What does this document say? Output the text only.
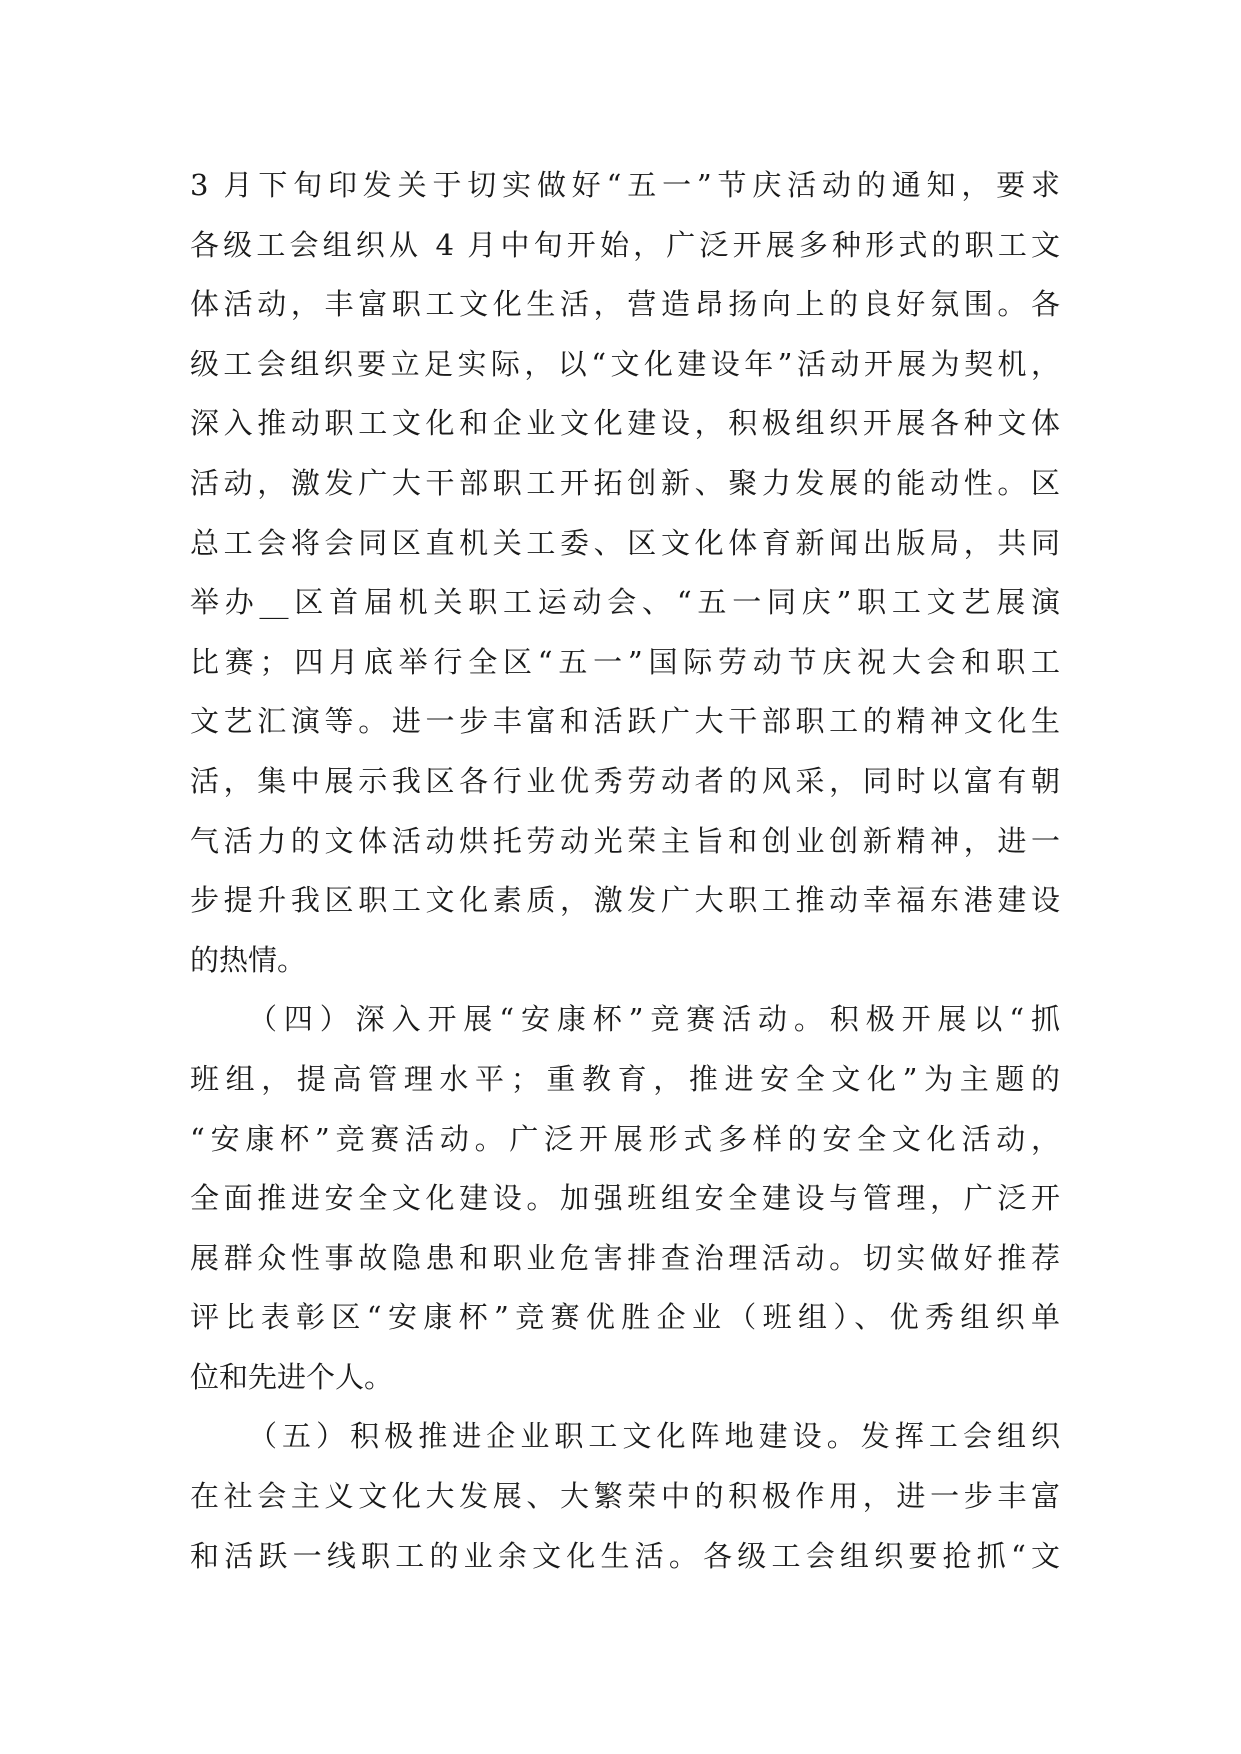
3 月下旬印发关于切实做好“五一”节庆活动的通知，要求
各级工会组织从 4 月中旬开始，广泛开展多种形式的职工文
体活动，丰富职工文化生活，营造昂扬向上的良好氛围。各
级工会组织要立足实际，以“文化建设年”活动开展为契机，
深入推动职工文化和企业文化建设，积极组织开展各种文体
活动，激发广大干部职工开拓创新、聚力发展的能动性。区
总工会将会同区直机关工委、区文化体育新闻出版局，共同
举办__区首届机关职工运动会、“五一同庆”职工文艺展演
比赛；四月底举行全区“五一”国际劳动节庆祝大会和职工
文艺汇演等。进一步丰富和活跃广大干部职工的精神文化生
活，集中展示我区各行业优秀劳动者的风采，同时以富有朝
气活力的文体活动烘托劳动光荣主旨和创业创新精神，进一
步提升我区职工文化素质，激发广大职工推动幸福东港建设
的热情。
（四）深入开展“安康杯”竞赛活动。积极开展以“抓
班组，提高管理水平；重教育，推进安全文化”为主题的
“安康杯”竞赛活动。广泛开展形式多样的安全文化活动，
全面推进安全文化建设。加强班组安全建设与管理，广泛开
展群众性事故隐患和职业危害排查治理活动。切实做好推荐
评比表彰区“安康杯”竞赛优胜企业（班组）、优秀组织单
位和先进个人。
（五）积极推进企业职工文化阵地建设。发挥工会组织
在社会主义文化大发展、大繁荣中的积极作用，进一步丰富
和活跃一线职工的业余文化生活。各级工会组织要抢抓“文
